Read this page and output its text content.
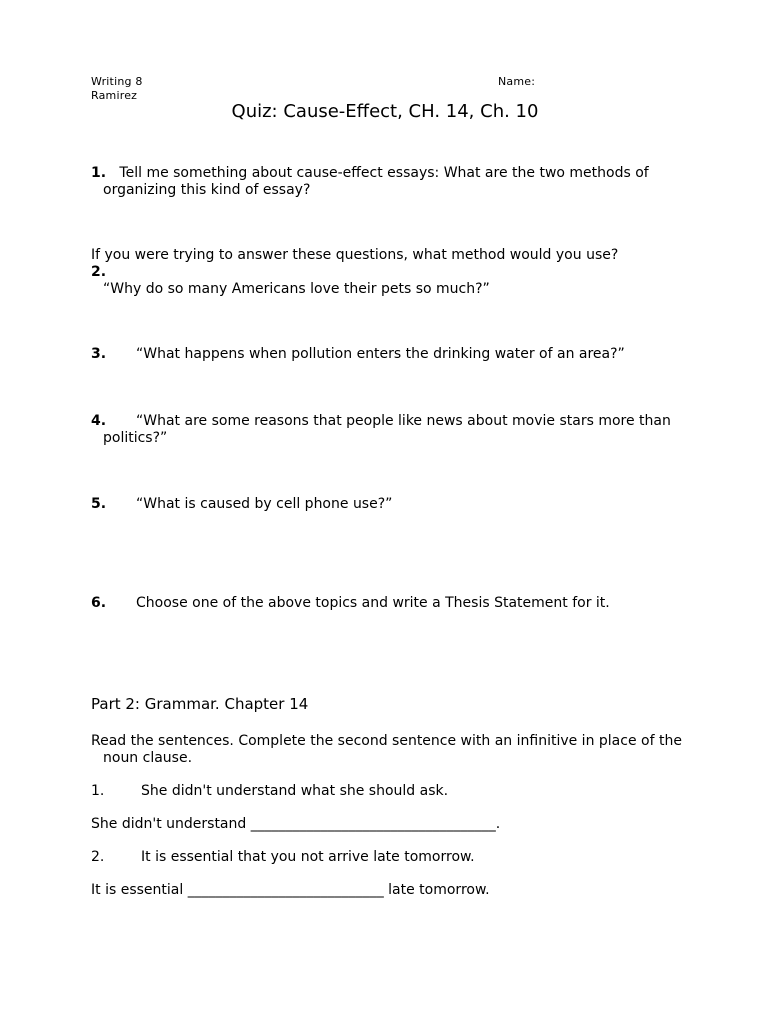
Writing 8
Ramirez
Name:
Quiz: Cause-Effect, CH. 14, Ch. 10
1. Tell me something about cause-effect essays: What are the two methods of
organizing this kind of essay?
If you were trying to answer these questions, what method would you use?
2.
“Why do so many Americans love their pets so much?”
3. “What happens when pollution enters the drinking water of an area?”
4. “What are some reasons that people like news about movie stars more than
politics?”
5. “What is caused by cell phone use?”
6. Choose one of the above topics and write a Thesis Statement for it.
Part 2: Grammar. Chapter 14
Read the sentences. Complete the second sentence with an infinitive in place of the
noun clause.
1.	She didn't understand what she should ask.
She didn't understand ___________________________________.
2.	It is essential that you not arrive late tomorrow.
It is essential ____________________________ late tomorrow.
